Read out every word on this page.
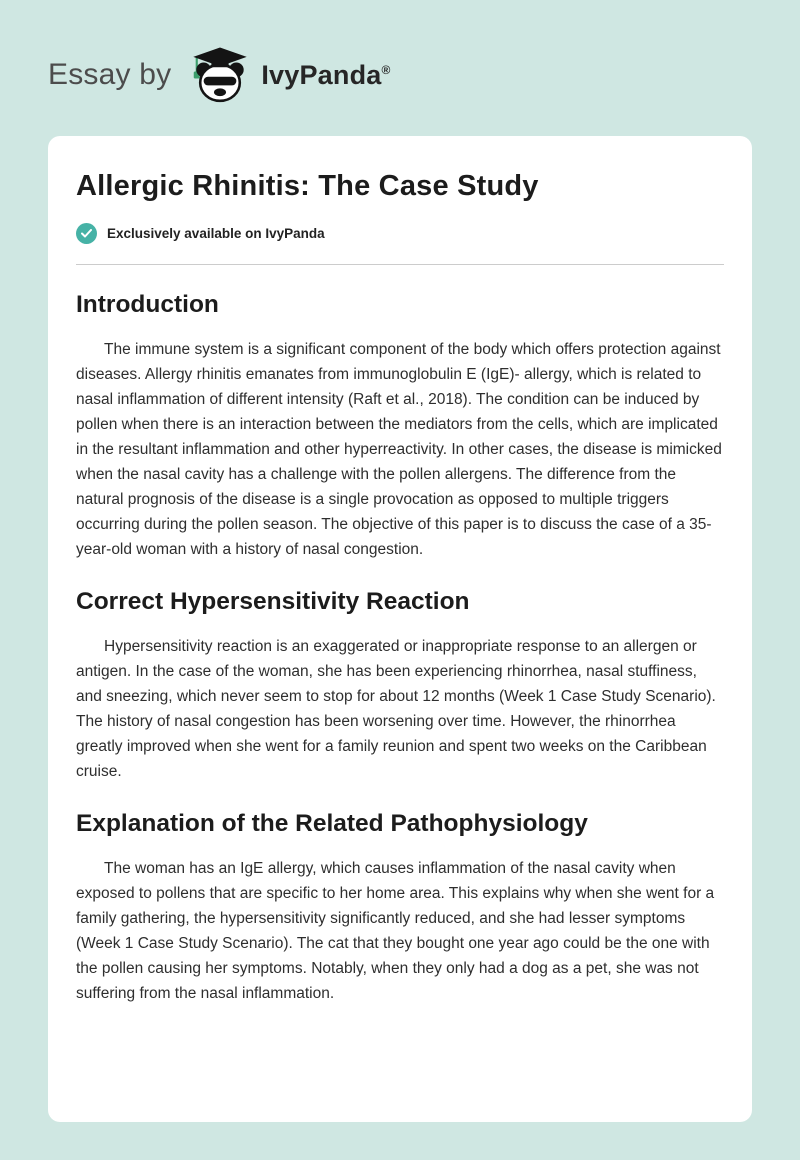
Essay by	IvyPanda®
Allergic Rhinitis: The Case Study
Exclusively available on IvyPanda
Introduction

The immune system is a significant component of the body which offers protection against diseases. Allergy rhinitis emanates from immunoglobulin E (IgE)- allergy, which is related to nasal inflammation of different intensity (Raft et al., 2018). The condition can be induced by pollen when there is an interaction between the mediators from the cells, which are implicated in the resultant inflammation and other hyperreactivity. In other cases, the disease is mimicked when the nasal cavity has a challenge with the pollen allergens. The difference from the natural prognosis of the disease is a single provocation as opposed to multiple triggers occurring during the pollen season. The objective of this paper is to discuss the case of a 35-year-old woman with a history of nasal congestion.

Correct Hypersensitivity Reaction

Hypersensitivity reaction is an exaggerated or inappropriate response to an allergen or antigen. In the case of the woman, she has been experiencing rhinorrhea, nasal stuffiness, and sneezing, which never seem to stop for about 12 months (Week 1 Case Study Scenario). The history of nasal congestion has been worsening over time. However, the rhinorrhea greatly improved when she went for a family reunion and spent two weeks on the Caribbean cruise.

Explanation of the Related Pathophysiology

The woman has an IgE allergy, which causes inflammation of the nasal cavity when exposed to pollens that are specific to her home area. This explains why when she went for a family gathering, the hypersensitivity significantly reduced, and she had lesser symptoms (Week 1 Case Study Scenario). The cat that they bought one year ago could be the one with the pollen causing her symptoms. Notably, when they only had a dog as a pet, she was not suffering from the nasal inflammation.
